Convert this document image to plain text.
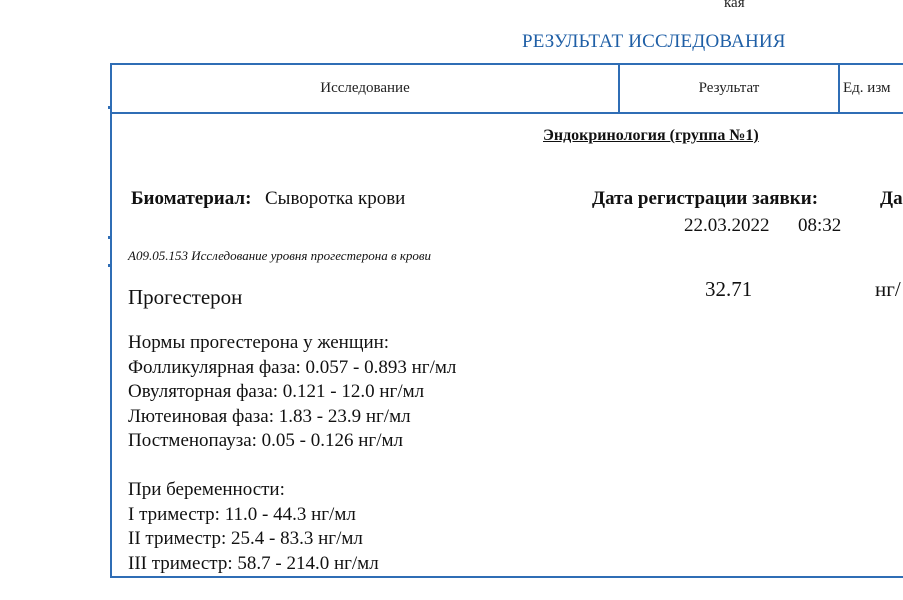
кая
РЕЗУЛЬТАТ ИССЛЕДОВАНИЯ
Исследование	Результат	Ед. изм
Эндокринология (группа №1)
Биоматериал: Сыворотка крови	Дата регистрации заявки:
22.03.2022 08:32
Да
A09.05.153 Исследование уровня прогестерона в крови
Прогестерон	32.71	нг/
Нормы прогестерона у женщин:
Фолликулярная фаза: 0.057 - 0.893 нг/мл
Овуляторная фаза: 0.121 - 12.0 нг/мл
Лютеиновая фаза: 1.83 - 23.9 нг/мл
Постменопауза: 0.05 - 0.126 нг/мл
При беременности:
I триместр: 11.0 - 44.3 нг/мл
II триместр: 25.4 - 83.3 нг/мл
III триместр: 58.7 - 214.0 нг/мл
